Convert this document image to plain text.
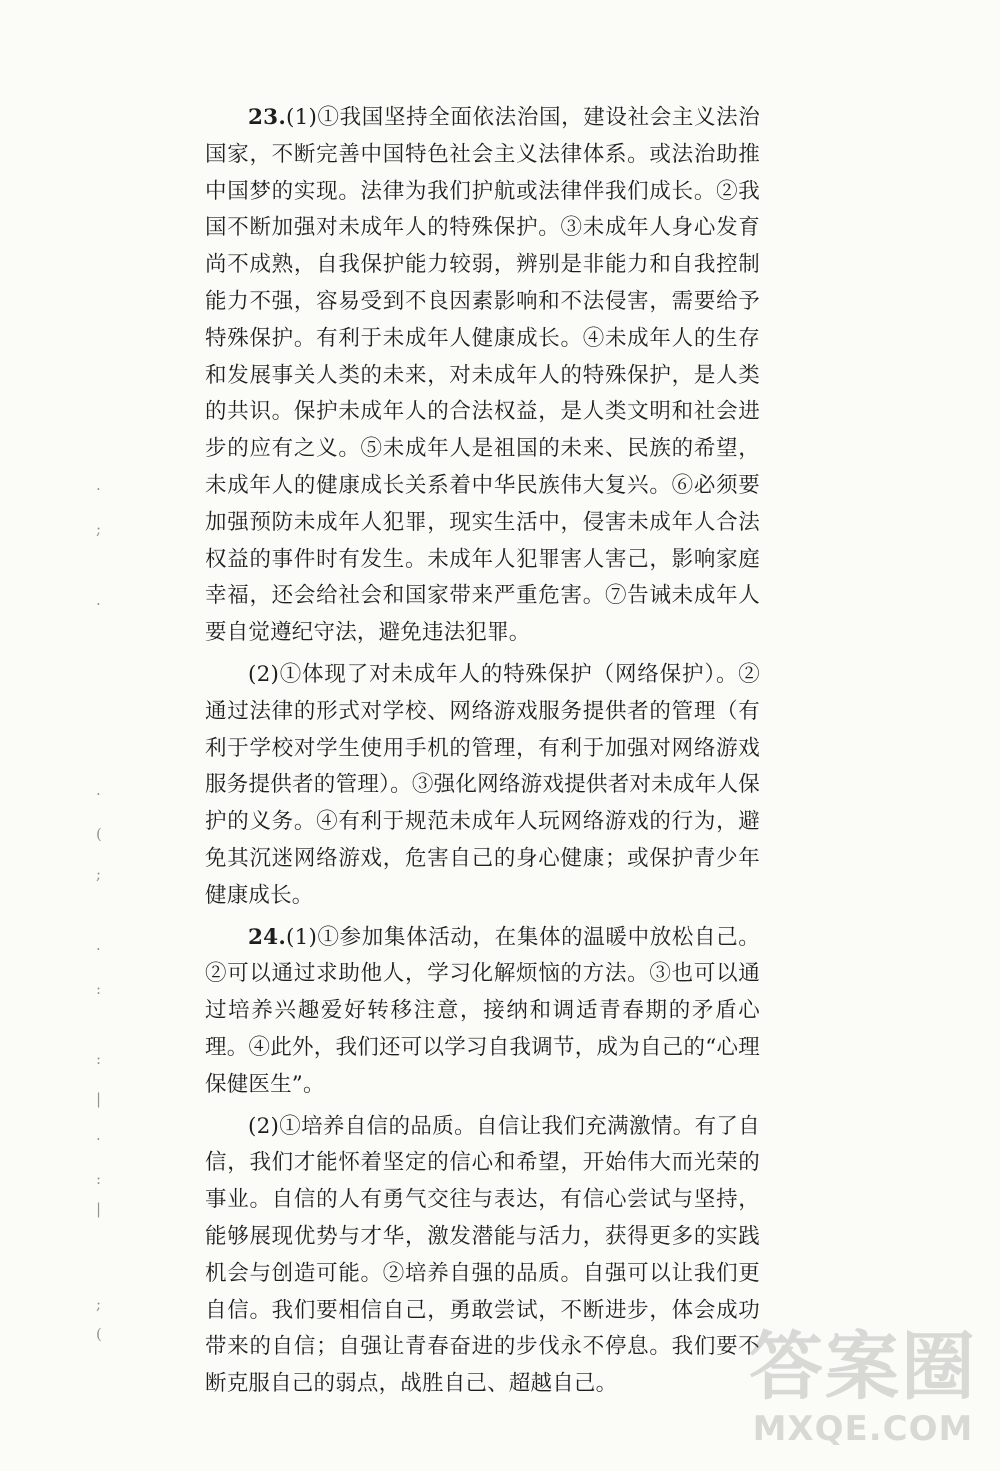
·
;
·
·
(
;
·
:
:
|
·
:
|
;
(

23.(1)①我国坚持全面依法治国，建设社会主义法治国家，不断完善中国特色社会主义法律体系。或法治助推中国梦的实现。法律为我们护航或法律伴我们成长。②我国不断加强对未成年人的特殊保护。③未成年人身心发育尚不成熟，自我保护能力较弱，辨别是非能力和自我控制能力不强，容易受到不良因素影响和不法侵害，需要给予特殊保护。有利于未成年人健康成长。④未成年人的生存和发展事关人类的未来，对未成年人的特殊保护，是人类的共识。保护未成年人的合法权益，是人类文明和社会进步的应有之义。⑤未成年人是祖国的未来、民族的希望，未成年人的健康成长关系着中华民族伟大复兴。⑥必须要加强预防未成年人犯罪，现实生活中，侵害未成年人合法权益的事件时有发生。未成年人犯罪害人害己，影响家庭幸福，还会给社会和国家带来严重危害。⑦告诫未成年人要自觉遵纪守法，避免违法犯罪。

(2)①体现了对未成年人的特殊保护（网络保护）。②通过法律的形式对学校、网络游戏服务提供者的管理（有利于学校对学生使用手机的管理，有利于加强对网络游戏服务提供者的管理）。③强化网络游戏提供者对未成年人保护的义务。④有利于规范未成年人玩网络游戏的行为，避免其沉迷网络游戏，危害自己的身心健康；或保护青少年健康成长。

24.(1)①参加集体活动，在集体的温暖中放松自己。②可以通过求助他人，学习化解烦恼的方法。③也可以通过培养兴趣爱好转移注意，接纳和调适青春期的矛盾心理。④此外，我们还可以学习自我调节，成为自己的“心理保健医生”。

(2)①培养自信的品质。自信让我们充满激情。有了自信，我们才能怀着坚定的信心和希望，开始伟大而光荣的事业。自信的人有勇气交往与表达，有信心尝试与坚持，能够展现优势与才华，激发潜能与活力，获得更多的实践机会与创造可能。②培养自强的品质。自强可以让我们更自信。我们要相信自己，勇敢尝试，不断进步，体会成功带来的自信；自强让青春奋进的步伐永不停息。我们要不断克服自己的弱点，战胜自己、超越自己。	答案圈
MXQE.COM
